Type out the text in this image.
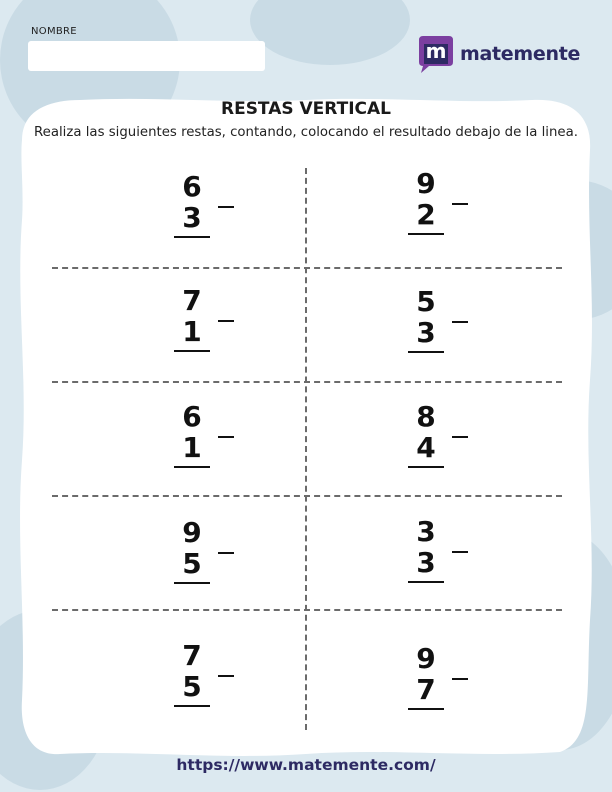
NOMBRE
m matemente
RESTAS VERTICAL
Realiza las siguientes restas, contando, colocando el resultado debajo de la linea.
6
3
9
2
7
1
5
3
6
1
8
4
9
5
3
3
7
5
9
7
https://www.matemente.com/
